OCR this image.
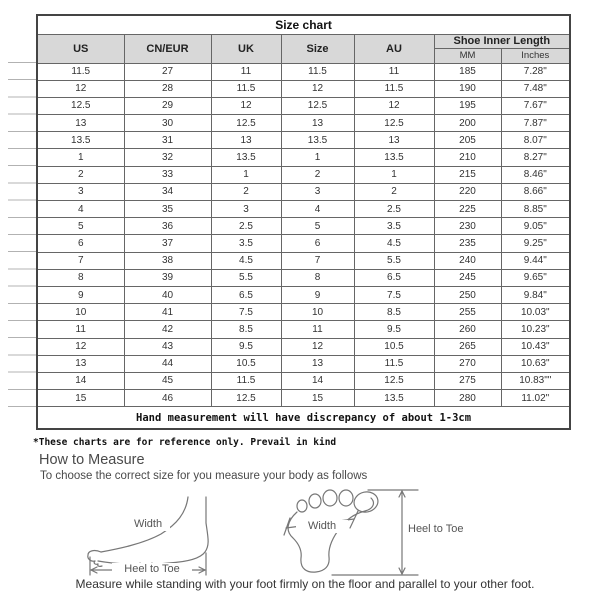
Size chart						
US	CN/EUR	UK	Size	AU	Shoe Inner Length	
					MM	Inches
11.5	27	11	11.5	11	185	7.28"
12	28	11.5	12	11.5	190	7.48"
12.5	29	12	12.5	12	195	7.67"
13	30	12.5	13	12.5	200	7.87"
13.5	31	13	13.5	13	205	8.07"
1	32	13.5	1	13.5	210	8.27"
2	33	1	2	1	215	8.46"
3	34	2	3	2	220	8.66"
4	35	3	4	2.5	225	8.85"
5	36	2.5	5	3.5	230	9.05"
6	37	3.5	6	4.5	235	9.25"
7	38	4.5	7	5.5	240	9.44"
8	39	5.5	8	6.5	245	9.65"
9	40	6.5	9	7.5	250	9.84"
10	41	7.5	10	8.5	255	10.03"
11	42	8.5	11	9.5	260	10.23"
12	43	9.5	12	10.5	265	10.43"
13	44	10.5	13	11.5	270	10.63"
14	45	11.5	14	12.5	275	10.83""
15	46	12.5	15	13.5	280	11.02"
Hand measurement will have discrepancy of about 1-3cm						
*These charts are for reference only. Prevail in kind
How to Measure
To choose the correct size for you measure your body as follows
Width
Heel to Toe
Width	Heel to Toe
Measure while standing with your foot firmly on the floor and parallel to your other foot.
